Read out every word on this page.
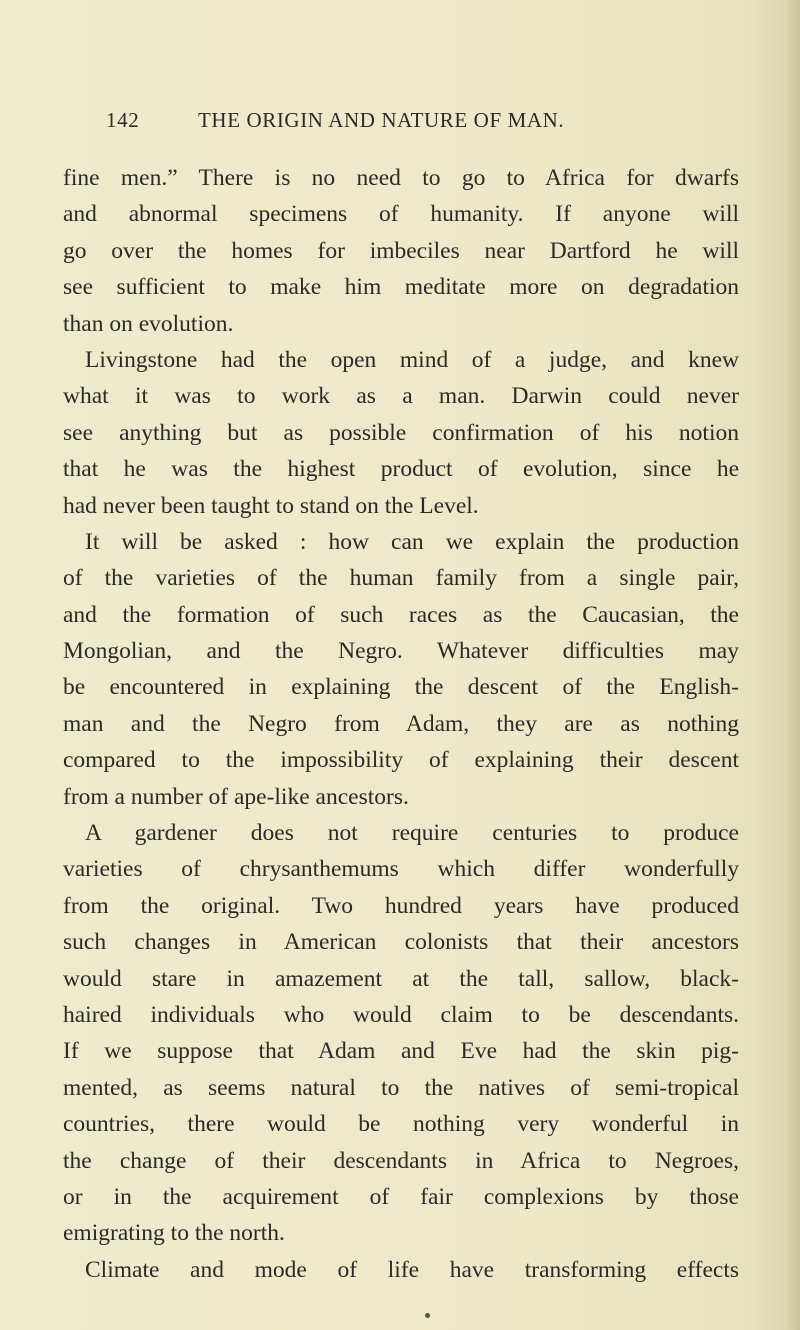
142	THE ORIGIN AND NATURE OF MAN.
fine men.” There is no need to go to Africa for dwarfs
and abnormal specimens of humanity. If anyone will
go over the homes for imbeciles near Dartford he will
see sufficient to make him meditate more on degradation
than on evolution.
Livingstone had the open mind of a judge, and knew
what it was to work as a man. Darwin could never
see anything but as possible confirmation of his notion
that he was the highest product of evolution, since he
had never been taught to stand on the Level.
It will be asked : how can we explain the production
of the varieties of the human family from a single pair,
and the formation of such races as the Caucasian, the
Mongolian, and the Negro. Whatever difficulties may
be encountered in explaining the descent of the English-
man and the Negro from Adam, they are as nothing
compared to the impossibility of explaining their descent
from a number of ape-like ancestors.
A gardener does not require centuries to produce
varieties of chrysanthemums which differ wonderfully
from the original. Two hundred years have produced
such changes in American colonists that their ancestors
would stare in amazement at the tall, sallow, black-
haired individuals who would claim to be descendants.
If we suppose that Adam and Eve had the skin pig-
mented, as seems natural to the natives of semi-tropical
countries, there would be nothing very wonderful in
the change of their descendants in Africa to Negroes,
or in the acquirement of fair complexions by those
emigrating to the north.
Climate and mode of life have transforming effects
